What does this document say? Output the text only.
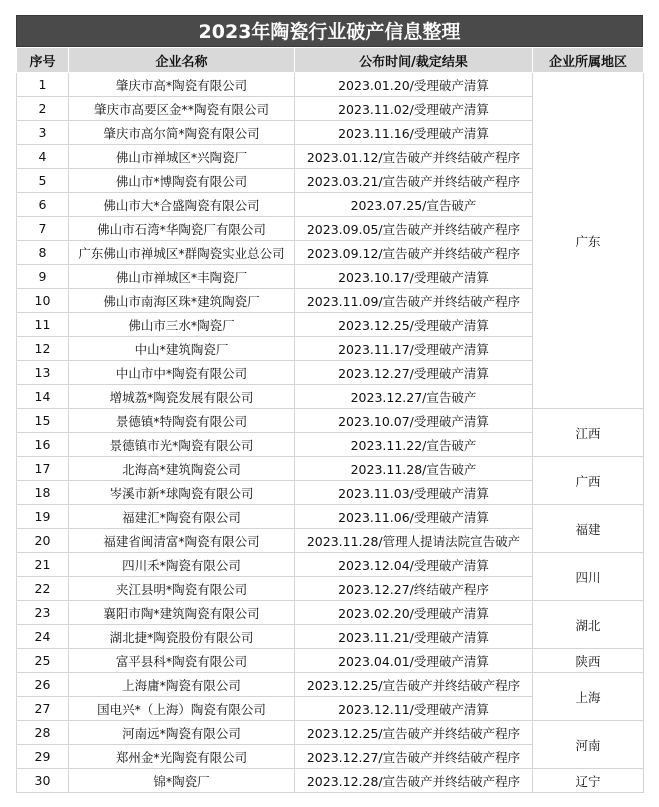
2023年陶瓷行业破产信息整理
序号	企业名称	公布时间/裁定结果	企业所属地区
1	肇庆市高*陶瓷有限公司	2023.01.20/受理破产清算	广东
2	肇庆市高要区金**陶瓷有限公司	2023.11.02/受理破产清算	
3	肇庆市高尔简*陶瓷有限公司	2023.11.16/受理破产清算	
4	佛山市禅城区*兴陶瓷厂	2023.01.12/宣告破产并终结破产程序	
5	佛山市*博陶瓷有限公司	2023.03.21/宣告破产并终结破产程序	
6	佛山市大*合盛陶瓷有限公司	2023.07.25/宣告破产	
7	佛山市石湾*华陶瓷厂有限公司	2023.09.05/宣告破产并终结破产程序	
8	广东佛山市禅城区*群陶瓷实业总公司	2023.09.12/宣告破产并终结破产程序	
9	佛山市禅城区*丰陶瓷厂	2023.10.17/受理破产清算	
10	佛山市南海区珠*建筑陶瓷厂	2023.11.09/宣告破产并终结破产程序	
11	佛山市三水*陶瓷厂	2023.12.25/受理破产清算	
12	中山*建筑陶瓷厂	2023.11.17/受理破产清算	
13	中山市中*陶瓷有限公司	2023.12.27/受理破产清算	
14	增城荔*陶瓷发展有限公司	2023.12.27/宣告破产	
15	景德镇*特陶瓷有限公司	2023.10.07/受理破产清算	江西
16	景德镇市光*陶瓷有限公司	2023.11.22/宣告破产	
17	北海高*建筑陶瓷公司	2023.11.28/宣告破产	广西
18	岑溪市新*球陶瓷有限公司	2023.11.03/受理破产清算	
19	福建汇*陶瓷有限公司	2023.11.06/受理破产清算	福建
20	福建省闽清富*陶瓷有限公司	2023.11.28/管理人提请法院宣告破产	
21	四川禾*陶瓷有限公司	2023.12.04/受理破产清算	四川
22	夹江县明*陶瓷有限公司	2023.12.27/终结破产程序	
23	襄阳市陶*建筑陶瓷有限公司	2023.02.20/受理破产清算	湖北
24	湖北捷*陶瓷股份有限公司	2023.11.21/受理破产清算	
25	富平县科*陶瓷有限公司	2023.04.01/受理破产清算	陕西
26	上海庸*陶瓷有限公司	2023.12.25/宣告破产并终结破产程序	上海
27	国电兴*（上海）陶瓷有限公司	2023.12.11/受理破产清算	
28	河南远*陶瓷有限公司	2023.12.25/宣告破产并终结破产程序	河南
29	郑州金*光陶瓷有限公司	2023.12.27/宣告破产并终结破产程序	
30	锦*陶瓷厂	2023.12.28/宣告破产并终结破产程序	辽宁
